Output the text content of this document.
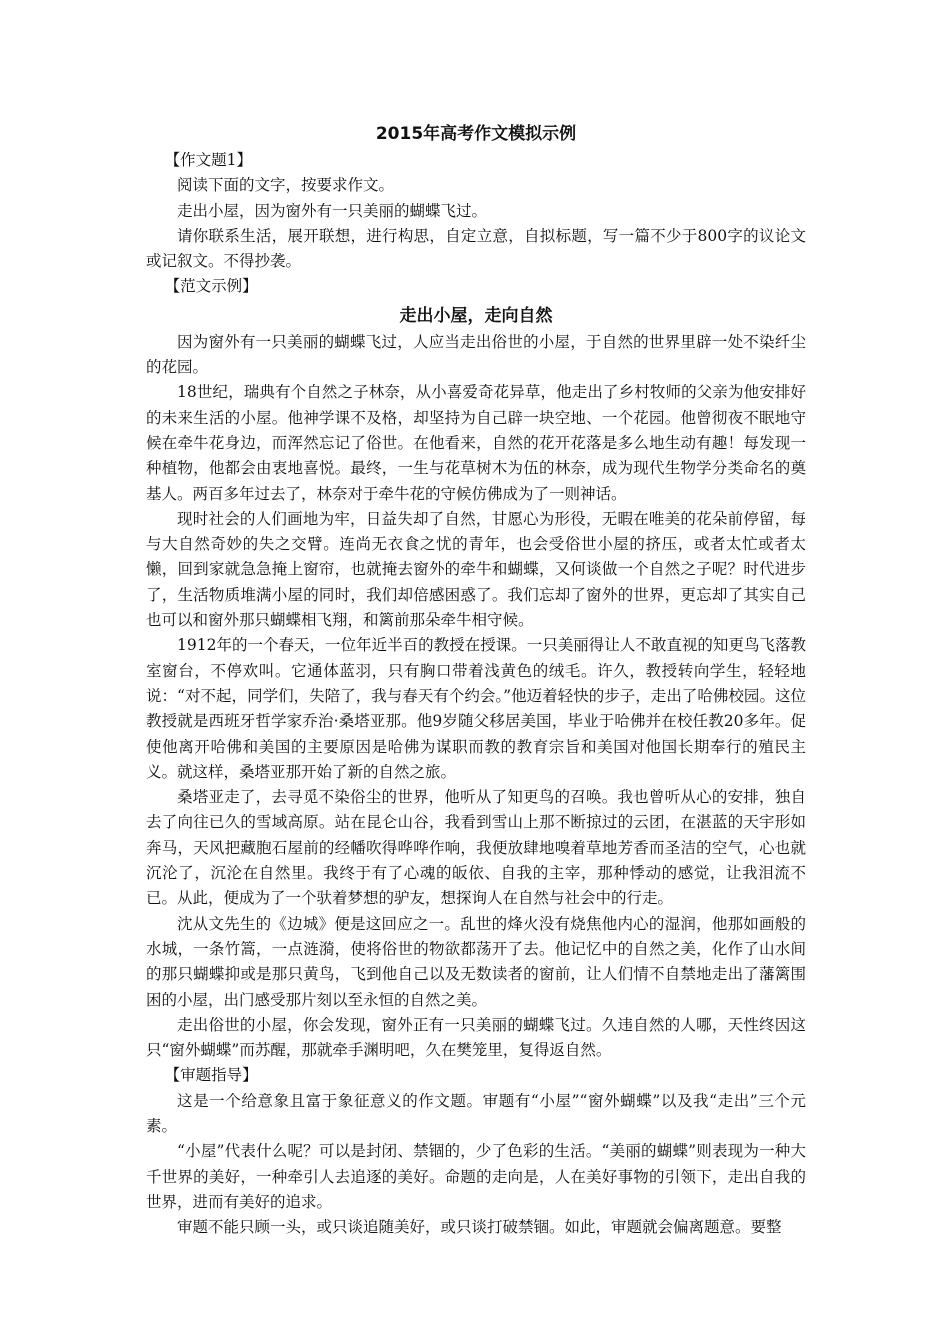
2015年高考作文模拟示例

【作文题1】

阅读下面的文字，按要求作文。

走出小屋，因为窗外有一只美丽的蝴蝶飞过。

请你联系生活，展开联想，进行构思，自定立意，自拟标题，写一篇不少于800字的议论文或记叙文。不得抄袭。

【范文示例】

走出小屋，走向自然

因为窗外有一只美丽的蝴蝶飞过，人应当走出俗世的小屋，于自然的世界里辟一处不染纤尘的花园。

18世纪，瑞典有个自然之子林奈，从小喜爱奇花异草，他走出了乡村牧师的父亲为他安排好的未来生活的小屋。他神学课不及格，却坚持为自己辟一块空地、一个花园。他曾彻夜不眠地守候在牵牛花身边，而浑然忘记了俗世。在他看来，自然的花开花落是多么地生动有趣！每发现一种植物，他都会由衷地喜悦。最终，一生与花草树木为伍的林奈，成为现代生物学分类命名的奠基人。两百多年过去了，林奈对于牵牛花的守候仿佛成为了一则神话。

现时社会的人们画地为牢，日益失却了自然，甘愿心为形役，无暇在唯美的花朵前停留，每与大自然奇妙的失之交臂。连尚无衣食之忧的青年，也会受俗世小屋的挤压，或者太忙或者太懒，回到家就急急掩上窗帘，也就掩去窗外的牵牛和蝴蝶，又何谈做一个自然之子呢？时代进步了，生活物质堆满小屋的同时，我们却倍感困惑了。我们忘却了窗外的世界，更忘却了其实自己也可以和窗外那只蝴蝶相飞翔，和篱前那朵牵牛相守候。

1912年的一个春天，一位年近半百的教授在授课。一只美丽得让人不敢直视的知更鸟飞落教室窗台，不停欢叫。它通体蓝羽，只有胸口带着浅黄色的绒毛。许久，教授转向学生，轻轻地说：“对不起，同学们，失陪了，我与春天有个约会。”他迈着轻快的步子，走出了哈佛校园。这位教授就是西班牙哲学家乔治·桑塔亚那。他9岁随父移居美国，毕业于哈佛并在校任教20多年。促使他离开哈佛和美国的主要原因是哈佛为谋职而教的教育宗旨和美国对他国长期奉行的殖民主义。就这样，桑塔亚那开始了新的自然之旅。

桑塔亚走了，去寻觅不染俗尘的世界，他听从了知更鸟的召唤。我也曾听从心的安排，独自去了向往已久的雪域高原。站在昆仑山谷，我看到雪山上那不断掠过的云团，在湛蓝的天宇形如奔马，天风把藏胞石屋前的经幡吹得哗哗作响，我便放肆地嗅着草地芳香而圣洁的空气，心也就沉沦了，沉沦在自然里。我终于有了心魂的皈依、自我的主宰，那种悸动的感觉，让我泪流不已。从此，便成为了一个驮着梦想的驴友，想探询人在自然与社会中的行走。

沈从文先生的《边城》便是这回应之一。乱世的烽火没有烧焦他内心的湿润，他那如画般的水城，一条竹篙，一点涟漪，使将俗世的物欲都荡开了去。他记忆中的自然之美，化作了山水间的那只蝴蝶抑或是那只黄鸟，飞到他自己以及无数读者的窗前，让人们情不自禁地走出了藩篱围困的小屋，出门感受那片刻以至永恒的自然之美。

走出俗世的小屋，你会发现，窗外正有一只美丽的蝴蝶飞过。久违自然的人哪，天性终因这只“窗外蝴蝶”而苏醒，那就牵手渊明吧，久在樊笼里，复得返自然。

【审题指导】

这是一个给意象且富于象征意义的作文题。审题有“小屋”“窗外蝴蝶”以及我“走出”三个元素。

“小屋”代表什么呢？可以是封闭、禁锢的，少了色彩的生活。“美丽的蝴蝶”则表现为一种大千世界的美好，一种牵引人去追逐的美好。命题的走向是，人在美好事物的引领下，走出自我的世界，进而有美好的追求。

审题不能只顾一头，或只谈追随美好，或只谈打破禁锢。如此，审题就会偏离题意。要整
